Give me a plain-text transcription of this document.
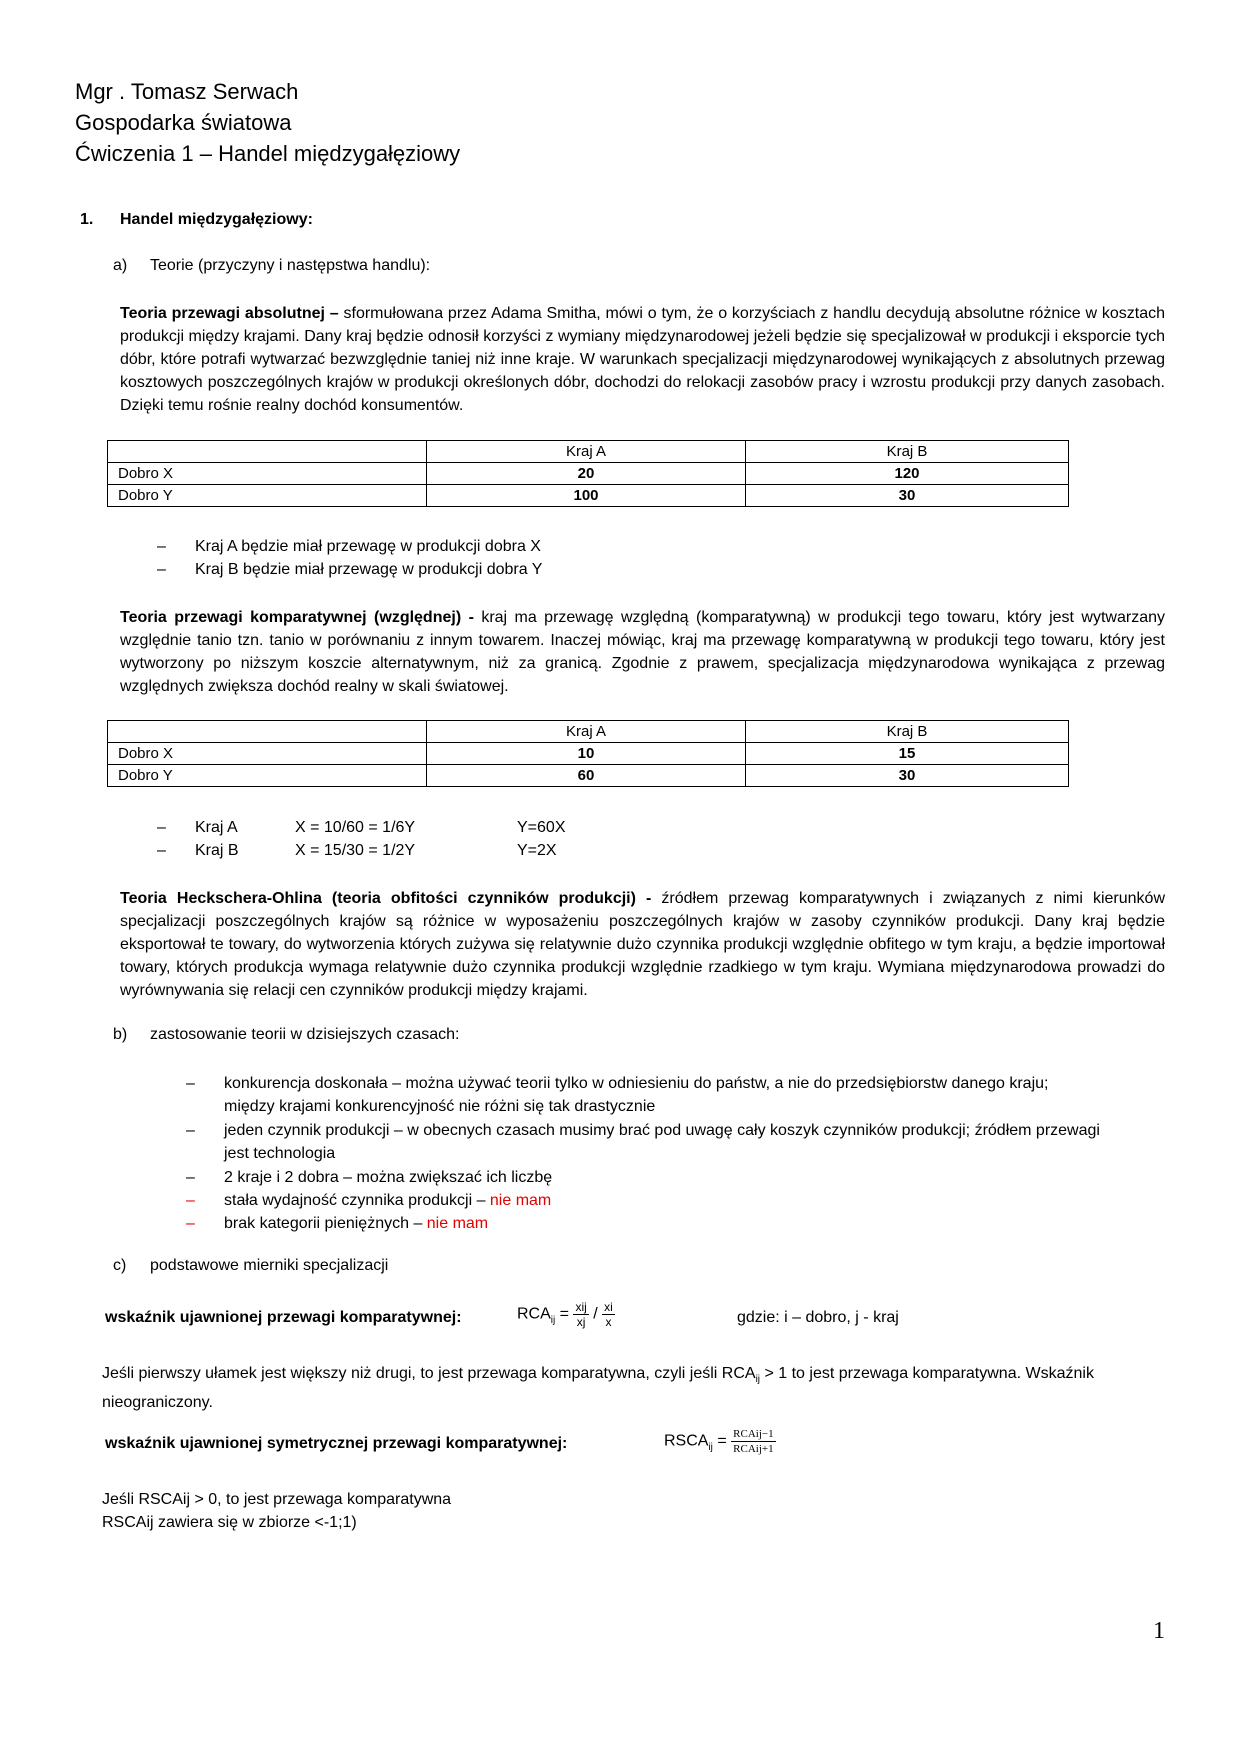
Mgr . Tomasz Serwach
Gospodarka światowa
Ćwiczenia 1 – Handel międzygałęziowy
1. Handel międzygałęziowy:
a) Teorie (przyczyny i następstwa handlu):
Teoria przewagi absolutnej – sformułowana przez Adama Smitha, mówi o tym, że o korzyściach z handlu decydują absolutne różnice w kosztach produkcji między krajami. Dany kraj będzie odnosił korzyści z wymiany międzynarodowej jeżeli będzie się specjalizował w produkcji i eksporcie tych dóbr, które potrafi wytwarzać bezwzględnie taniej niż inne kraje. W warunkach specjalizacji międzynarodowej wynikających z absolutnych przewag kosztowych poszczególnych krajów w produkcji określonych dóbr, dochodzi do relokacji zasobów pracy i wzrostu produkcji przy danych zasobach. Dzięki temu rośnie realny dochód konsumentów.
	Kraj A	Kraj B
Dobro X	20	120
Dobro Y	100	30
– Kraj A będzie miał przewagę w produkcji dobra X
– Kraj B będzie miał przewagę w produkcji dobra Y
Teoria przewagi komparatywnej (względnej) - kraj ma przewagę względną (komparatywną) w produkcji tego towaru, który jest wytwarzany względnie tanio tzn. tanio w porównaniu z innym towarem. Inaczej mówiąc, kraj ma przewagę komparatywną w produkcji tego towaru, który jest wytworzony po niższym koszcie alternatywnym, niż za granicą. Zgodnie z prawem, specjalizacja międzynarodowa wynikająca z przewag względnych zwiększa dochód realny w skali światowej.
	Kraj A	Kraj B
Dobro X	10	15
Dobro Y	60	30
– Kraj A	X = 10/60 = 1/6Y	Y=60X
– Kraj B	X = 15/30 = 1/2Y	Y=2X
Teoria Heckschera-Ohlina (teoria obfitości czynników produkcji) - źródłem przewag komparatywnych i związanych z nimi kierunków specjalizacji poszczególnych krajów są różnice w wyposażeniu poszczególnych krajów w zasoby czynników produkcji. Dany kraj będzie eksportował te towary, do wytworzenia których zużywa się relatywnie dużo czynnika produkcji względnie obfitego w tym kraju, a będzie importował towary, których produkcja wymaga relatywnie dużo czynnika produkcji względnie rzadkiego w tym kraju. Wymiana międzynarodowa prowadzi do wyrównywania się relacji cen czynników produkcji między krajami.
b) zastosowanie teorii w dzisiejszych czasach:
– konkurencja doskonała – można używać teorii tylko w odniesieniu do państw, a nie do przedsiębiorstw danego kraju;
między krajami konkurencyjność nie różni się tak drastycznie
– jeden czynnik produkcji – w obecnych czasach musimy brać pod uwagę cały koszyk czynników produkcji; źródłem przewagi
jest technologia
– 2 kraje i 2 dobra – można zwiększać ich liczbę
– stała wydajność czynnika produkcji – nie mam
– brak kategorii pieniężnych – nie mam
c) podstawowe mierniki specjalizacji
wskaźnik ujawnionej przewagi komparatywnej:	$RCA_{ij} = \frac{\text{xij}}{xj} / \frac{xi}{x}$	gdzie: i – dobro, j - kraj
Jeśli pierwszy ułamek jest większy niż drugi, to jest przewaga komparatywna, czyli jeśli $RCA_{ij} > 1$ to jest przewaga komparatywna. Wskaźnik
nieograniczony.
wskaźnik ujawnionej symetrycznej przewagi komparatywnej:	$RSCA_{ij} = \frac{\text{RCAij−1}}{\text{RCAij+1}}$
Jeśli RSCAij > 0, to jest przewaga komparatywna
RSCAij zawiera się w zbiorze <-1;1)
1
